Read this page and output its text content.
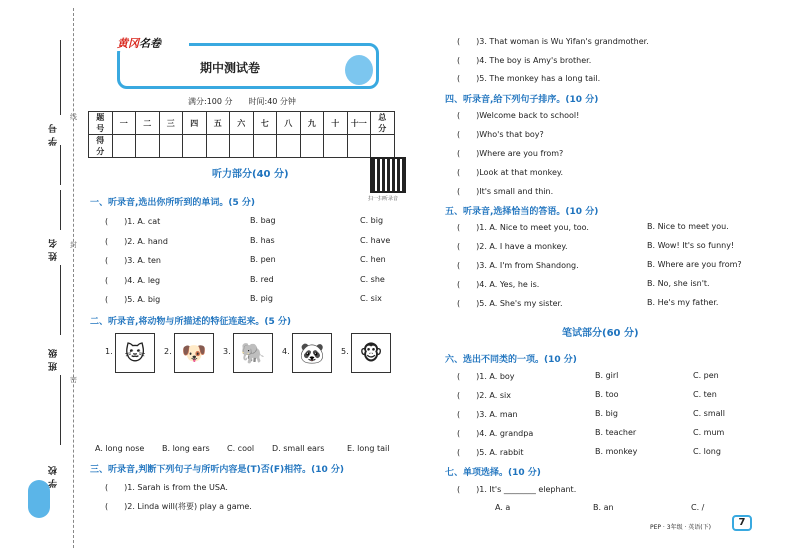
学号
线
姓名 封
班级
密
学校
黄冈名卷
期中测试卷
满分:100 分　　 时间:40 分钟
题　号	一	二	三	四	五	六	七	八	九	十	十一	总　分
得　分												
扫一扫听录音
听力部分(40 分)
一、听录音,选出你所听到的单词。(5 分)
(　　)1. A. cat	B. bag	C. big
(　　)2. A. hand	B. has	C. have
(　　)3. A. ten	B. pen	C. hen
(　　)4. A. leg	B. red	C. she
(　　)5. A. big	B. pig	C. six
二、听录音,将动物与所描述的特征连起来。(5 分)
1. 🐱 2. 🐶 3. 🐘 4. 🐼 5. 🐵
A. long nose B. long ears C. cool D. small ears	E. long tail
三、听录音,判断下列句子与所听内容是(T)否(F)相符。(10 分)
(　　)1. Sarah is from the USA.
(　　)2. Linda will(将要) play a game.
(　　)3. That woman is Wu Yifan's grandmother.
(　　)4. The boy is Amy's brother.
(　　)5. The monkey has a long tail.
四、听录音,给下列句子排序。(10 分)
(　　)Welcome back to school!
(　　)Who's that boy?
(　　)Where are you from?
(　　)Look at that monkey.
(　　)It's small and thin.
五、听录音,选择恰当的答语。(10 分)
(　　)1. A. Nice to meet you, too.	B. Nice to meet you.
(　　)2. A. I have a monkey.	B. Wow! It's so funny!
(　　)3. A. I'm from Shandong.	B. Where are you from?
(　　)4. A. Yes, he is.	B. No, she isn't.
(　　)5. A. She's my sister.	B. He's my father.
笔试部分(60 分)
六、选出不同类的一项。(10 分)
(　　)1. A. boy	B. girl	C. pen
(　　)2. A. six	B. too	C. ten
(　　)3. A. man	B. big	C. small
(　　)4. A. grandpa	B. teacher	C. mum
(　　)5. A. rabbit	B. monkey	C. long
七、单项选择。(10 分)
(　　)1. It's ________ elephant.
A. a	B. an	C. /
PEP · 3年级 · 英语(下)	7
